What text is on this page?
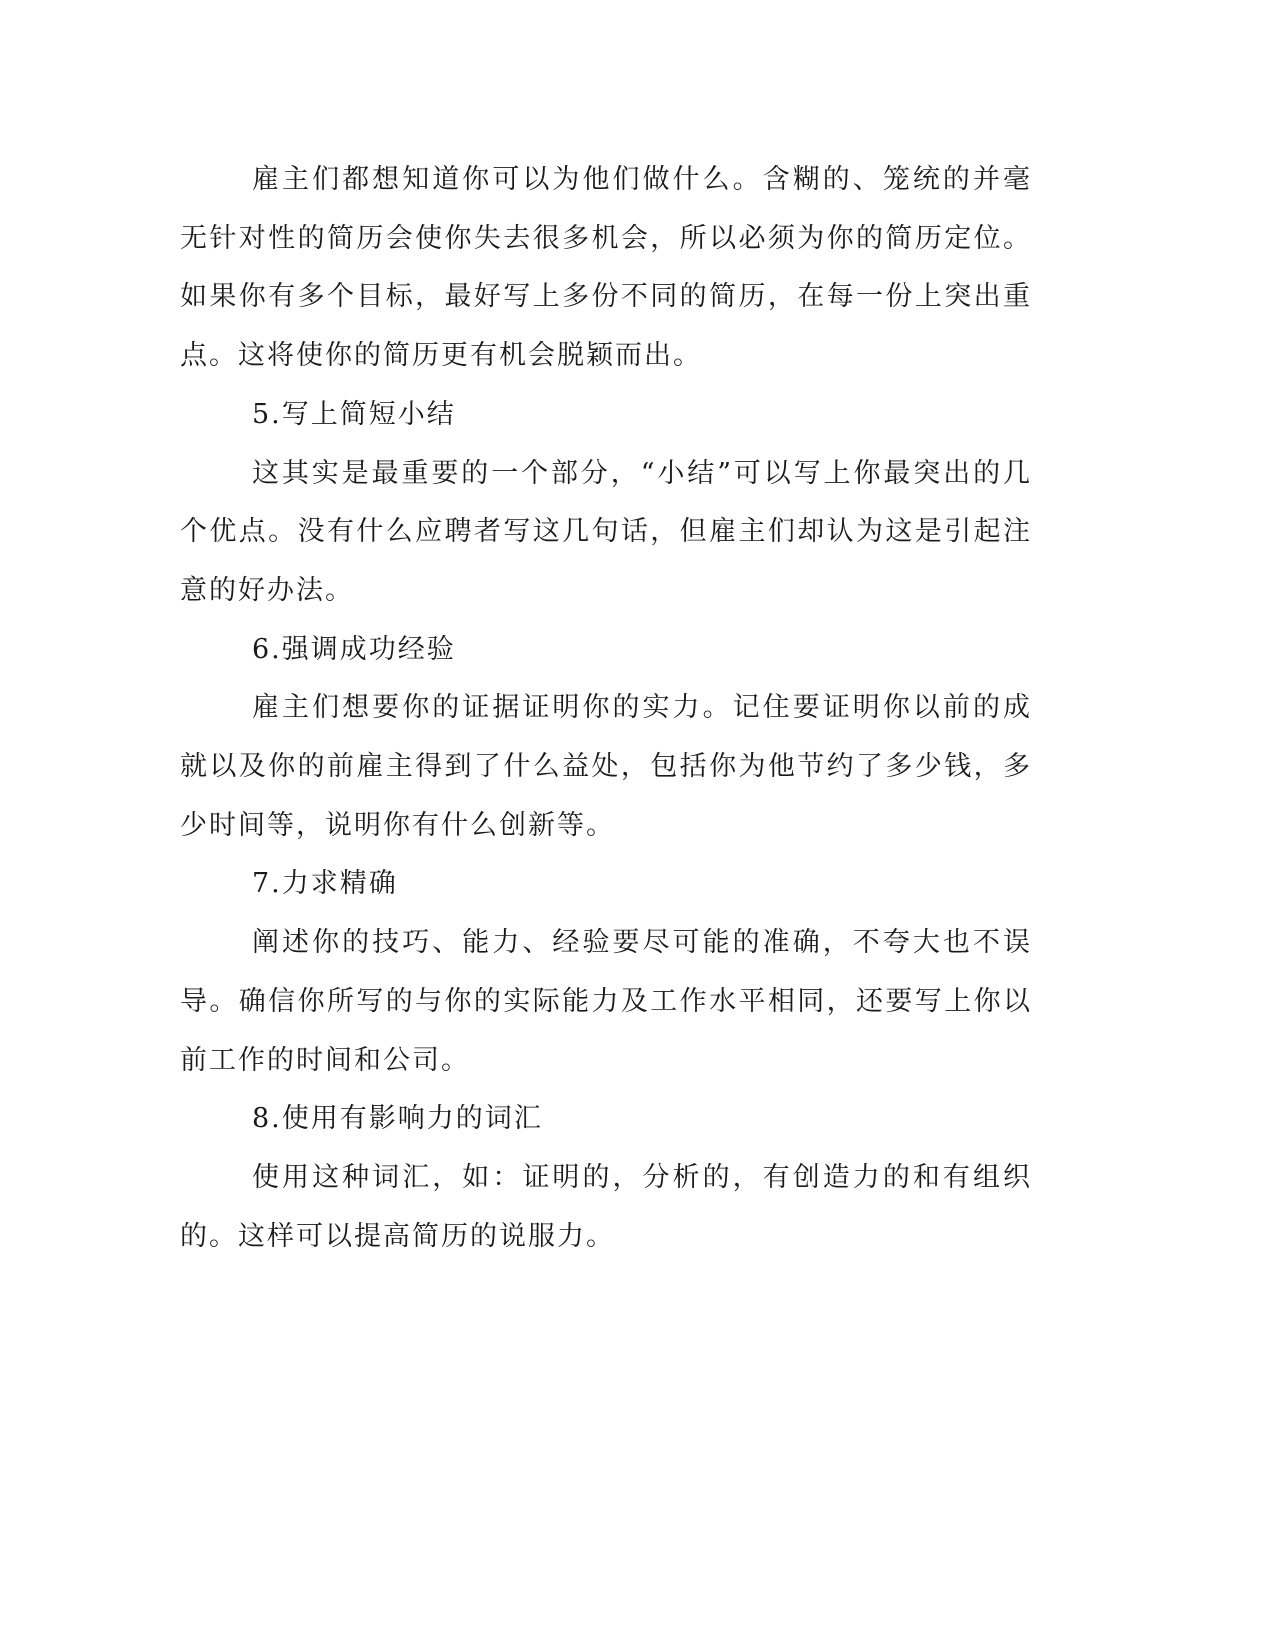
雇主们都想知道你可以为他们做什么。含糊的、笼统的并毫无针对性的简历会使你失去很多机会，所以必须为你的简历定位。如果你有多个目标，最好写上多份不同的简历，在每一份上突出重点。这将使你的简历更有机会脱颖而出。

5.写上简短小结

这其实是最重要的一个部分，“小结”可以写上你最突出的几个优点。没有什么应聘者写这几句话，但雇主们却认为这是引起注意的好办法。

6.强调成功经验

雇主们想要你的证据证明你的实力。记住要证明你以前的成就以及你的前雇主得到了什么益处，包括你为他节约了多少钱，多少时间等，说明你有什么创新等。

7.力求精确

阐述你的技巧、能力、经验要尽可能的准确，不夸大也不误导。确信你所写的与你的实际能力及工作水平相同，还要写上你以前工作的时间和公司。

8.使用有影响力的词汇

使用这种词汇，如：证明的，分析的，有创造力的和有组织的。这样可以提高简历的说服力。
